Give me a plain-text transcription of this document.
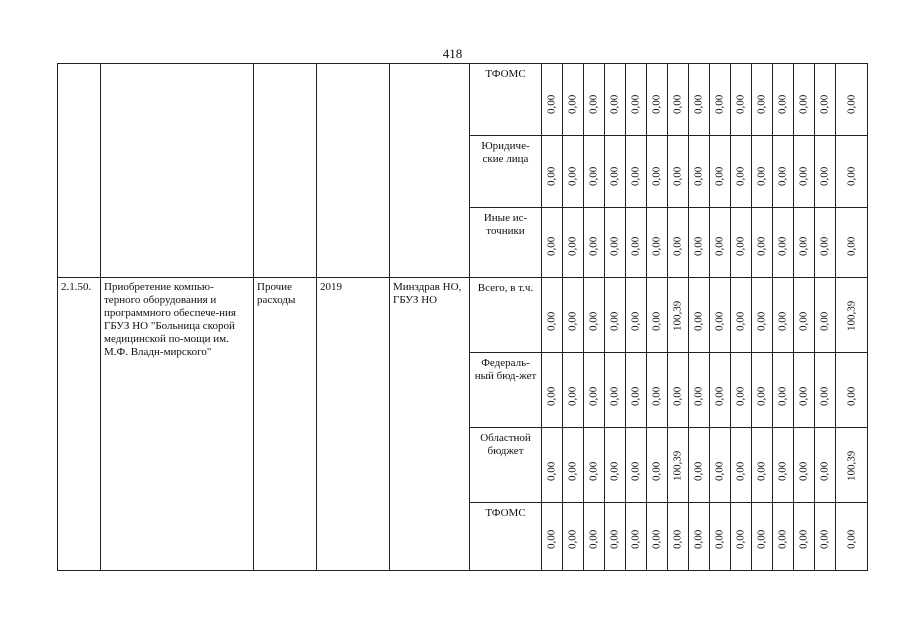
418
					ТФОМС	0,00	0,00	0,00	0,00	0,00	0,00	0,00	0,00	0,00	0,00	0,00	0,00	0,00	0,00	0,00

					Юридиче-ские лица	0,00	0,00	0,00	0,00	0,00	0,00	0,00	0,00	0,00	0,00	0,00	0,00	0,00	0,00	0,00

					Иные ис-точники	0,00	0,00	0,00	0,00	0,00	0,00	0,00	0,00	0,00	0,00	0,00	0,00	0,00	0,00	0,00

2.1.50.	Приобретение компью-терного оборудования и программного обеспече-ния ГБУЗ НО "Больница скорой медицинской по-мощи им. М.Ф. Владн-мирского"	Прочие расходы	2019	Минздрав НО, ГБУЗ НО	Всего, в т.ч.	0,00	0,00	0,00	0,00	0,00	0,00	100,39	0,00	0,00	0,00	0,00	0,00	0,00	0,00	100,39

					Федераль-ный бюд-жет	0,00	0,00	0,00	0,00	0,00	0,00	0,00	0,00	0,00	0,00	0,00	0,00	0,00	0,00	0,00

					Областной бюджет	0,00	0,00	0,00	0,00	0,00	0,00	100,39	0,00	0,00	0,00	0,00	0,00	0,00	0,00	100,39

					ТФОМС	0,00	0,00	0,00	0,00	0,00	0,00	0,00	0,00	0,00	0,00	0,00	0,00	0,00	0,00	0,00
